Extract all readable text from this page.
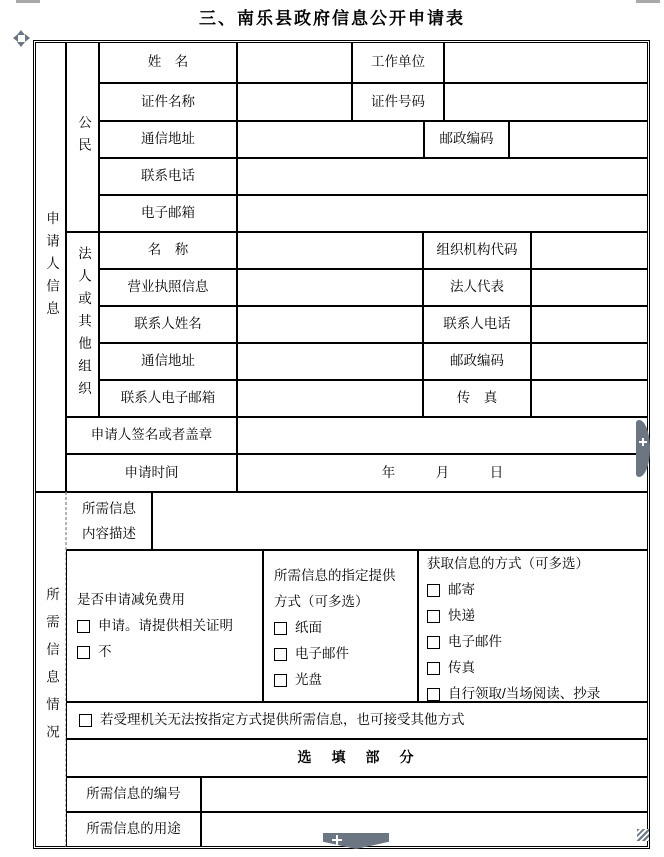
三、南乐县政府信息公开申请表
申请人信息
公民
姓　名	工作单位
证件名称	证件号码
通信地址	邮政编码
联系电话
电子邮箱
法人或其他组织	名　称	组织机构代码
营业执照信息	法人代表
联系人姓名	联系人电话
通信地址	邮政编码
联系人电子邮箱	传　真
申请人签名或者盖章
申请时间	年　　　月　　　日
所需信息情况
所需信息
内容描述
是否申请减免费用
申请。请提供相关证明
不
所需信息的指定提供方式（可多选）
纸面
电子邮件
光盘
获取信息的方式（可多选）
邮寄
快递
电子邮件
传真
自行领取/当场阅读、抄录
若受理机关无法按指定方式提供所需信息，也可接受其他方式
选　填　部　分
所需信息的编号
所需信息的用途
